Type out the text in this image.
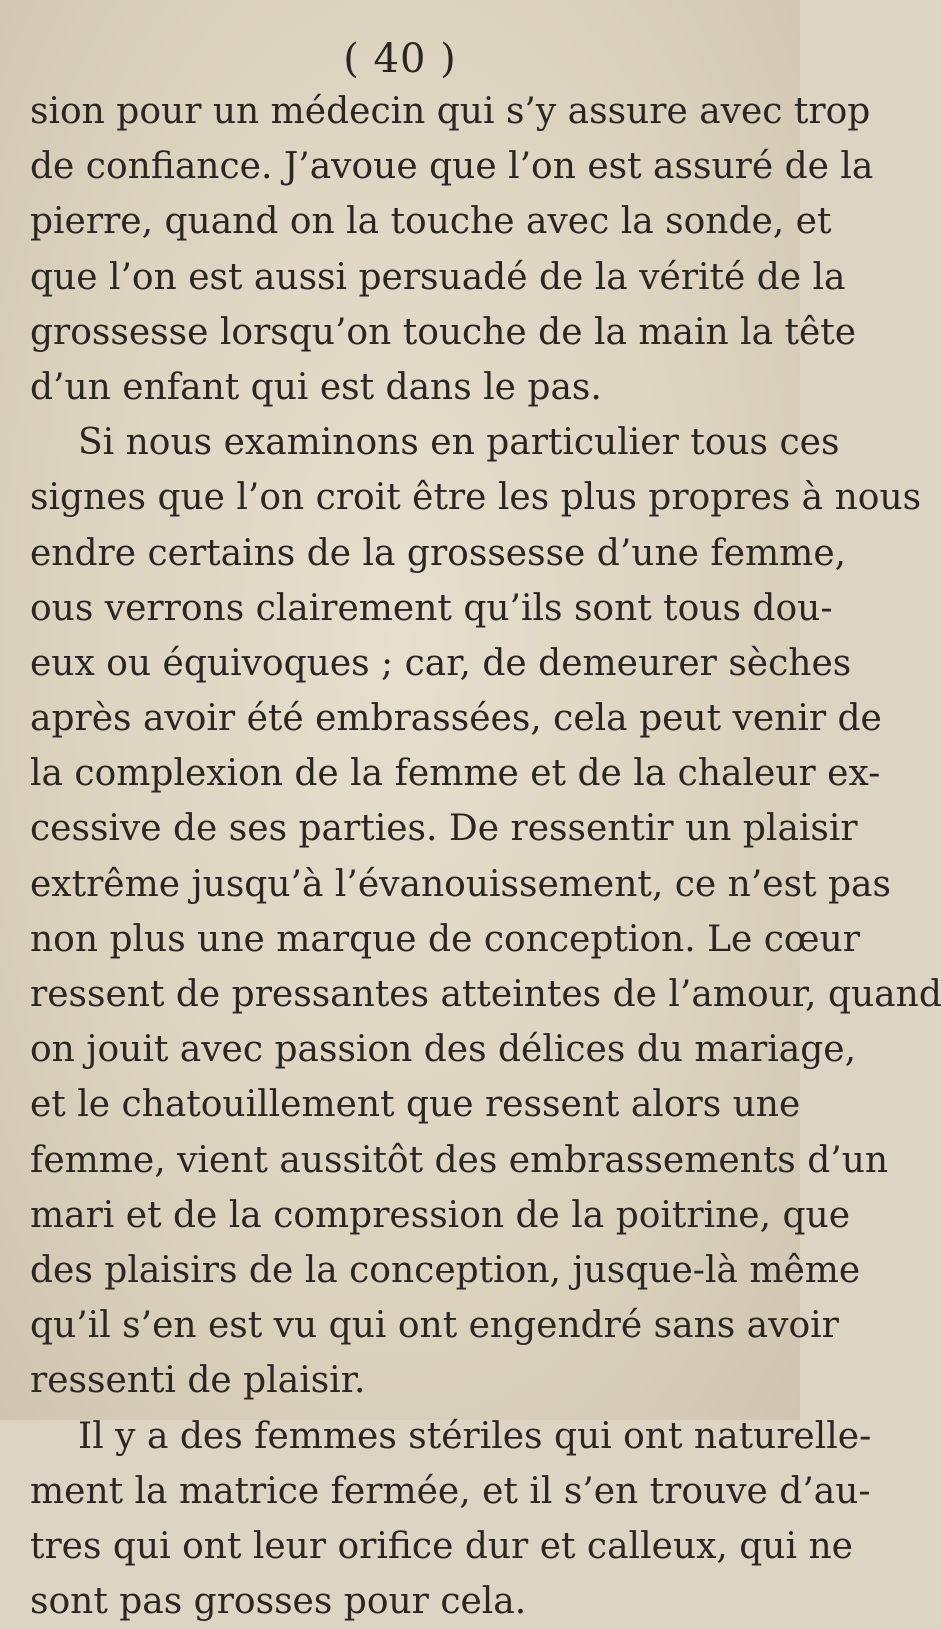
( 40 )
sion pour un médecin qui s’y assure avec trop
de confiance. J’avoue que l’on est assuré de la
pierre, quand on la touche avec la sonde, et
que l’on est aussi persuadé de la vérité de la
grossesse lorsqu’on touche de la main la tête
d’un enfant qui est dans le pas.
Si nous examinons en particulier tous ces
signes que l’on croit être les plus propres à nous
endre certains de la grossesse d’une femme,
ous verrons clairement qu’ils sont tous dou-
eux ou équivoques ; car, de demeurer sèches
après avoir été embrassées, cela peut venir de
la complexion de la femme et de la chaleur ex-
cessive de ses parties. De ressentir un plaisir
extrême jusqu’à l’évanouissement, ce n’est pas
non plus une marque de conception. Le cœur
ressent de pressantes atteintes de l’amour, quand
on jouit avec passion des délices du mariage,
et le chatouillement que ressent alors une
femme, vient aussitôt des embrassements d’un
mari et de la compression de la poitrine, que
des plaisirs de la conception, jusque-là même
qu’il s’en est vu qui ont engendré sans avoir
ressenti de plaisir.
Il y a des femmes stériles qui ont naturelle-
ment la matrice fermée, et il s’en trouve d’au-
tres qui ont leur orifice dur et calleux, qui ne
sont pas grosses pour cela.
